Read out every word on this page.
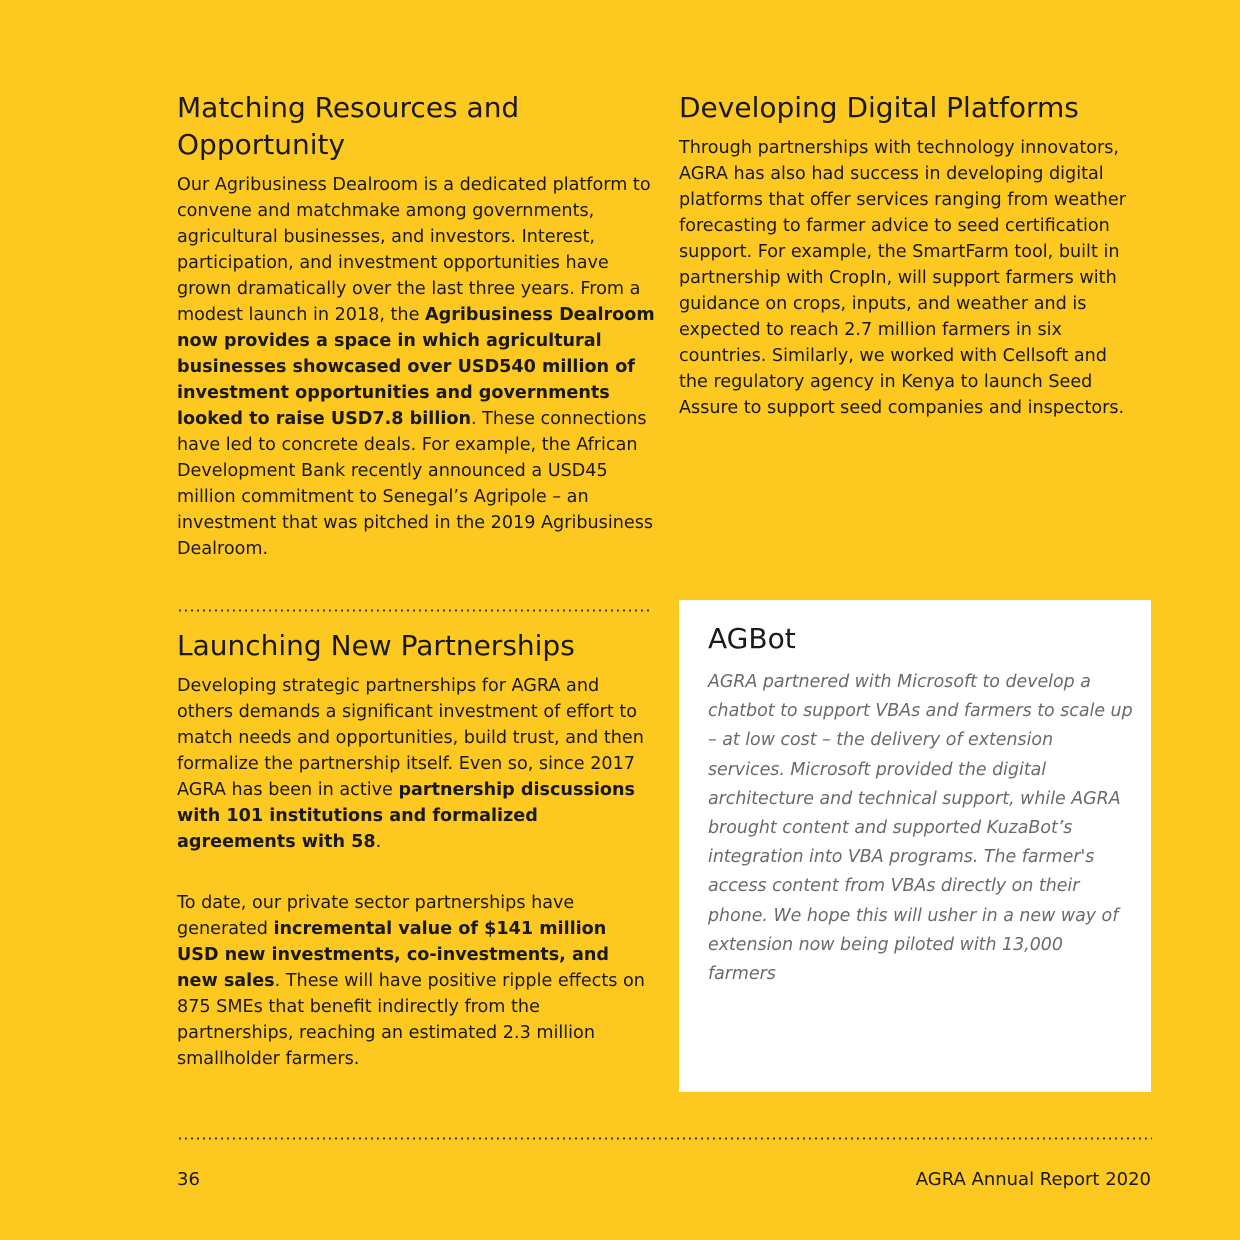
Matching Resources and Opportunity

Our Agribusiness Dealroom is a dedicated platform to convene and matchmake among governments, agricultural businesses, and investors. Interest, participation, and investment opportunities have grown dramatically over the last three years. From a modest launch in 2018, the Agribusiness Dealroom now provides a space in which agricultural businesses showcased over USD540 million of investment opportunities and governments looked to raise USD7.8 billion. These connections have led to concrete deals. For example, the African Development Bank recently announced a USD45 million commitment to Senegal’s Agripole – an investment that was pitched in the 2019 Agribusiness Dealroom.

Launching New Partnerships

Developing strategic partnerships for AGRA and others demands a significant investment of effort to match needs and opportunities, build trust, and then formalize the partnership itself. Even so, since 2017 AGRA has been in active partnership discussions with 101 institutions and formalized agreements with 58.

To date, our private sector partnerships have generated incremental value of $141 million USD new investments, co-investments, and new sales. These will have positive ripple effects on 875 SMEs that benefit indirectly from the partnerships, reaching an estimated 2.3 million smallholder farmers.

Developing Digital Platforms

Through partnerships with technology innovators, AGRA has also had success in developing digital platforms that offer services ranging from weather forecasting to farmer advice to seed certification support. For example, the SmartFarm tool, built in partnership with CropIn, will support farmers with guidance on crops, inputs, and weather and is expected to reach 2.7 million farmers in six countries. Similarly, we worked with Cellsoft and the regulatory agency in Kenya to launch Seed Assure to support seed companies and inspectors.

AGBot
AGRA partnered with Microsoft to develop a chatbot to support VBAs and farmers to scale up – at low cost – the delivery of extension services. Microsoft provided the digital architecture and technical support, while AGRA brought content and supported KuzaBot’s integration into VBA programs. The farmer's access content from VBAs directly on their phone. We hope this will usher in a new way of extension now being piloted with 13,000 farmers
36	AGRA Annual Report 2020
